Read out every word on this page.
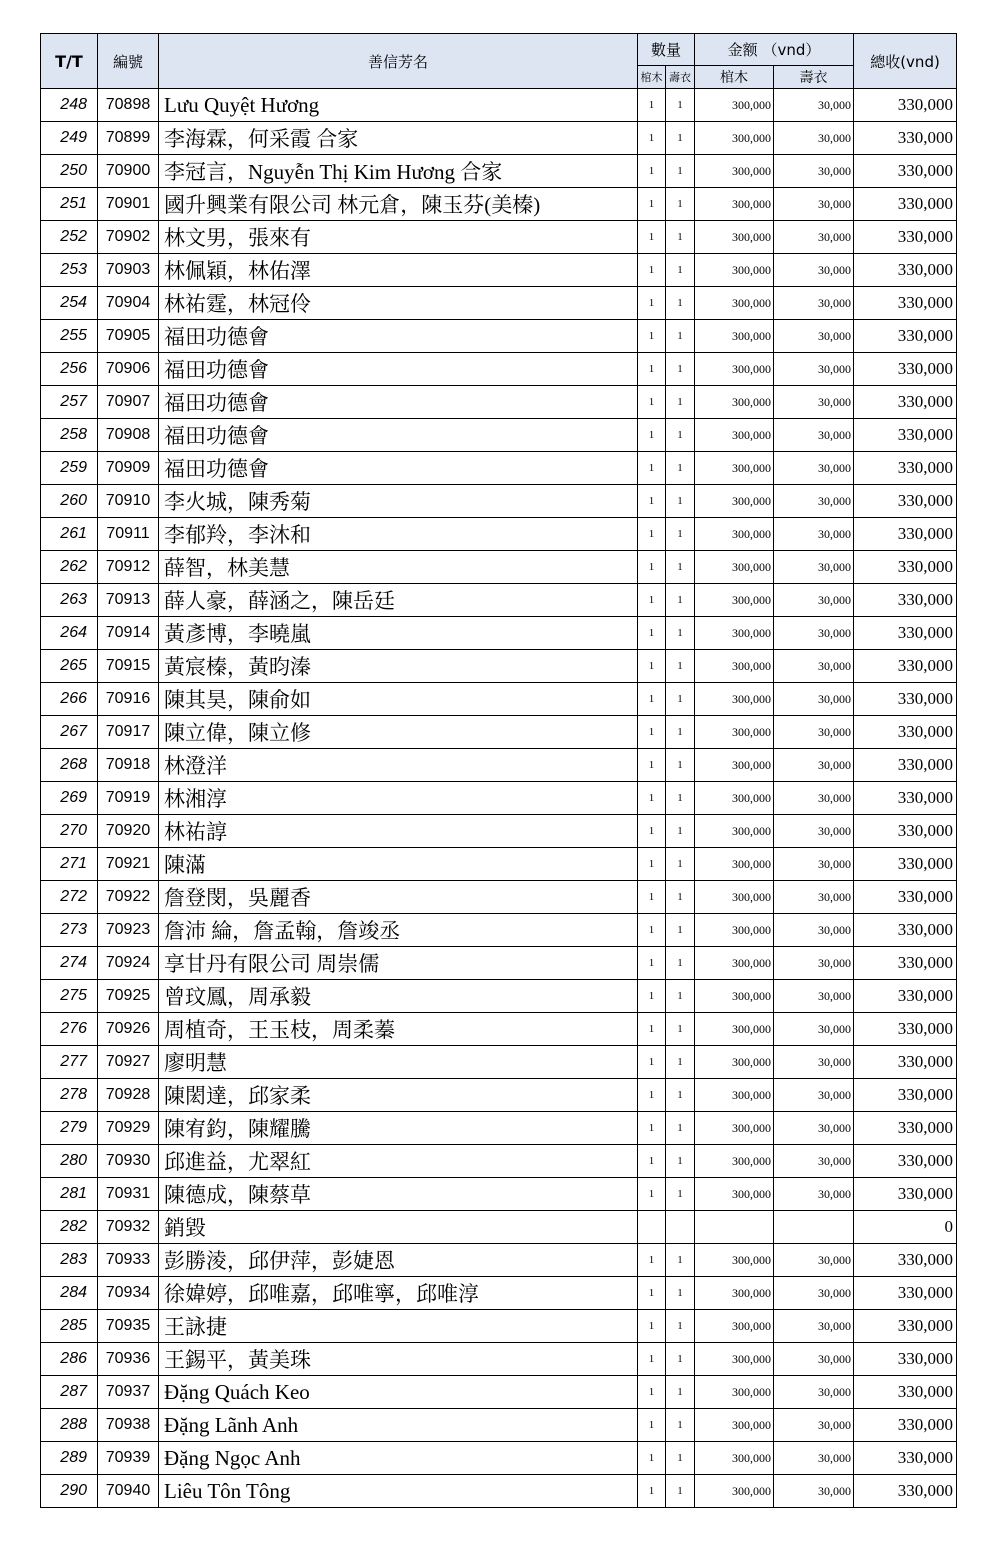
T/T	編號	善信芳名	數量		金额 （vnd）		總收(vnd)
			棺木	壽衣	棺木	壽衣	
248	70898	Lưu Quyệt Hương	1	1	300,000	30,000	330,000
249	70899	李海霖，何采霞 合家	1	1	300,000	30,000	330,000
250	70900	李冠言，Nguyễn Thị Kim Hương 合家	1	1	300,000	30,000	330,000
251	70901	國升興業有限公司 林元倉，陳玉芬(美榛)	1	1	300,000	30,000	330,000
252	70902	林文男，張來有	1	1	300,000	30,000	330,000
253	70903	林佩穎，林佑澤	1	1	300,000	30,000	330,000
254	70904	林祐霆，林冠伶	1	1	300,000	30,000	330,000
255	70905	福田功德會	1	1	300,000	30,000	330,000
256	70906	福田功德會	1	1	300,000	30,000	330,000
257	70907	福田功德會	1	1	300,000	30,000	330,000
258	70908	福田功德會	1	1	300,000	30,000	330,000
259	70909	福田功德會	1	1	300,000	30,000	330,000
260	70910	李火城，陳秀菊	1	1	300,000	30,000	330,000
261	70911	李郁羚，李沐和	1	1	300,000	30,000	330,000
262	70912	薛智，林美慧	1	1	300,000	30,000	330,000
263	70913	薛人豪，薛涵之，陳岳廷	1	1	300,000	30,000	330,000
264	70914	黃彥博，李曉嵐	1	1	300,000	30,000	330,000
265	70915	黃宸榛，黃昀溱	1	1	300,000	30,000	330,000
266	70916	陳其昊，陳俞如	1	1	300,000	30,000	330,000
267	70917	陳立偉，陳立修	1	1	300,000	30,000	330,000
268	70918	林澄洋	1	1	300,000	30,000	330,000
269	70919	林湘淳	1	1	300,000	30,000	330,000
270	70920	林祐諄	1	1	300,000	30,000	330,000
271	70921	陳滿	1	1	300,000	30,000	330,000
272	70922	詹登閔，吳麗香	1	1	300,000	30,000	330,000
273	70923	詹沛 綸，詹孟翰，詹竣丞	1	1	300,000	30,000	330,000
274	70924	享甘丹有限公司 周崇儒	1	1	300,000	30,000	330,000
275	70925	曾玟鳳，周承毅	1	1	300,000	30,000	330,000
276	70926	周植奇，王玉枝，周柔蓁	1	1	300,000	30,000	330,000
277	70927	廖明慧	1	1	300,000	30,000	330,000
278	70928	陳閎達，邱家柔	1	1	300,000	30,000	330,000
279	70929	陳宥鈞，陳耀騰	1	1	300,000	30,000	330,000
280	70930	邱進益，尤翠紅	1	1	300,000	30,000	330,000
281	70931	陳德成，陳蔡草	1	1	300,000	30,000	330,000
282	70932	銷毀					0
283	70933	彭勝淩，邱伊萍，彭婕恩	1	1	300,000	30,000	330,000
284	70934	徐媁婷，邱唯嘉，邱唯寧，邱唯淳	1	1	300,000	30,000	330,000
285	70935	王詠捷	1	1	300,000	30,000	330,000
286	70936	王錫平，黃美珠	1	1	300,000	30,000	330,000
287	70937	Đặng Quách Keo	1	1	300,000	30,000	330,000
288	70938	Đặng Lãnh Anh	1	1	300,000	30,000	330,000
289	70939	Đặng Ngọc Anh	1	1	300,000	30,000	330,000
290	70940	Liêu Tôn Tông	1	1	300,000	30,000	330,000
